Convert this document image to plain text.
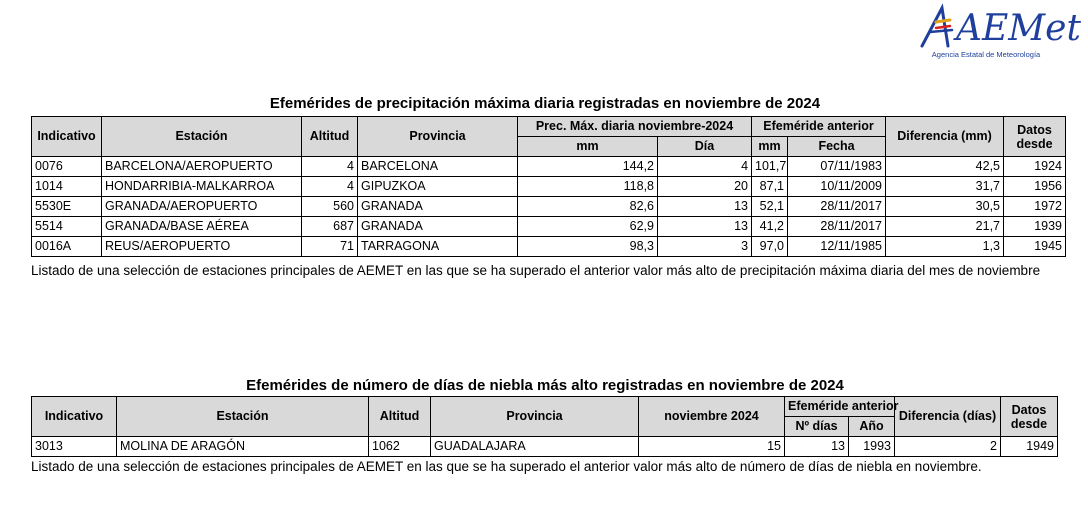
AEMet
Agencia Estatal de Meteorología
Efemérides de precipitación máxima diaria registradas en noviembre de 2024
Indicativo	Estación	Altitud	Provincia	Prec. Máx. diaria noviembre-2024		Efeméride anterior		Diferencia (mm)	Datos
desde
				mm	Día	mm	Fecha		
0076	BARCELONA/AEROPUERTO	4	BARCELONA	144,2	4	101,7	07/11/1983	42,5	1924
1014	HONDARRIBIA-MALKARROA	4	GIPUZKOA	118,8	20	87,1	10/11/2009	31,7	1956
5530E	GRANADA/AEROPUERTO	560	GRANADA	82,6	13	52,1	28/11/2017	30,5	1972
5514	GRANADA/BASE AÉREA	687	GRANADA	62,9	13	41,2	28/11/2017	21,7	1939
0016A	REUS/AEROPUERTO	71	TARRAGONA	98,3	3	97,0	12/11/1985	1,3	1945
Listado de una selección de estaciones principales de AEMET en las que se ha superado el anterior valor más alto de precipitación máxima diaria del mes de noviembre
Efemérides de número de días de niebla más alto registradas en noviembre de 2024
Indicativo	Estación	Altitud	Provincia	noviembre 2024	Efeméride anterior		Diferencia (días)	Datos
desde
					Nº días	Año		
3013	MOLINA DE ARAGÓN	1062	GUADALAJARA	15	13	1993	2	1949
Listado de una selección de estaciones principales de AEMET en las que se ha superado el anterior valor más alto de número de días de niebla en noviembre.
